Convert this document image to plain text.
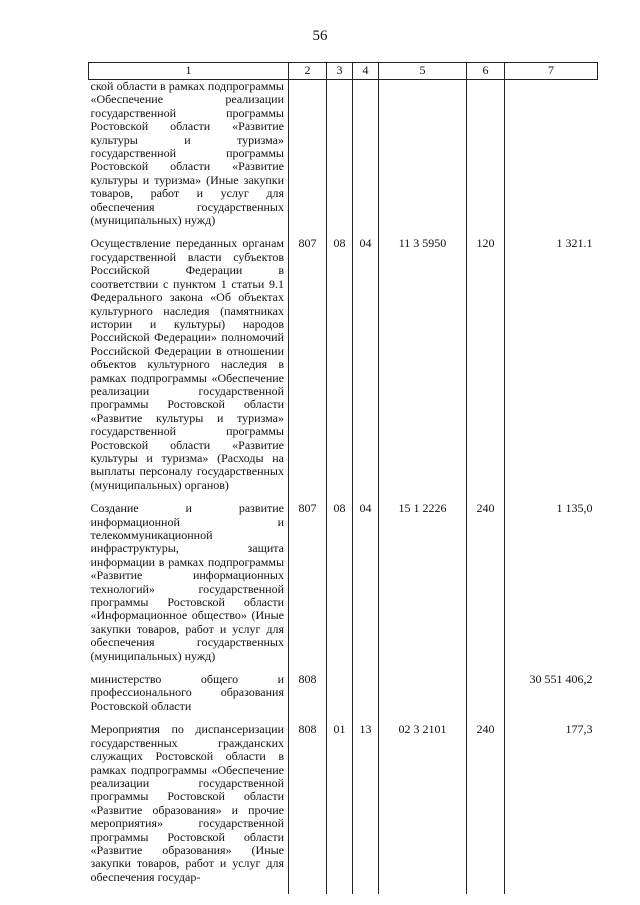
56
1	2	3	4	5	6	7
ской области в рамках подпрограммы «Обеспечение реализации государственной программы Ростовской области «Развитие культуры и туризма» государственной программы Ростовской области «Развитие культуры и туризма» (Иные закупки товаров, работ и услуг для обеспечения государственных (муниципальных) нужд)						
Осуществление переданных органам государственной власти субъектов Российской Федерации в соответствии с пунктом 1 статьи 9.1 Федерального закона «Об объектах культурного наследия (памятниках истории и культуры) народов Российской Федерации» полномочий Российской Федерации в отношении объектов культурного наследия в рамках подпрограммы «Обеспечение реализации государственной программы Ростовской области «Развитие культуры и туризма» государственной программы Ростовской области «Развитие культуры и туризма» (Расходы на выплаты персоналу государственных (муниципальных) органов)	807	08	04	11 3 5950	120	1 321.1
Создание и развитие информационной и телекоммуникационной инфраструктуры, защита информации в рамках подпрограммы «Развитие информационных технологий» государственной программы Ростовской области «Информационное общество» (Иные закупки товаров, работ и услуг для обеспечения государственных (муниципальных) нужд)	807	08	04	15 1 2226	240	1 135,0
министерство общего и профессионального образования Ростовской области	808					30 551 406,2
Мероприятия по диспансеризации государственных гражданских служащих Ростовской области в рамках подпрограммы «Обеспечение реализации государственной программы Ростовской области «Развитие образования» и прочие мероприятия» государственной программы Ростовской области «Развитие образования» (Иные закупки товаров, работ и услуг для обеспечения государ-	808	01	13	02 3 2101	240	177,3
